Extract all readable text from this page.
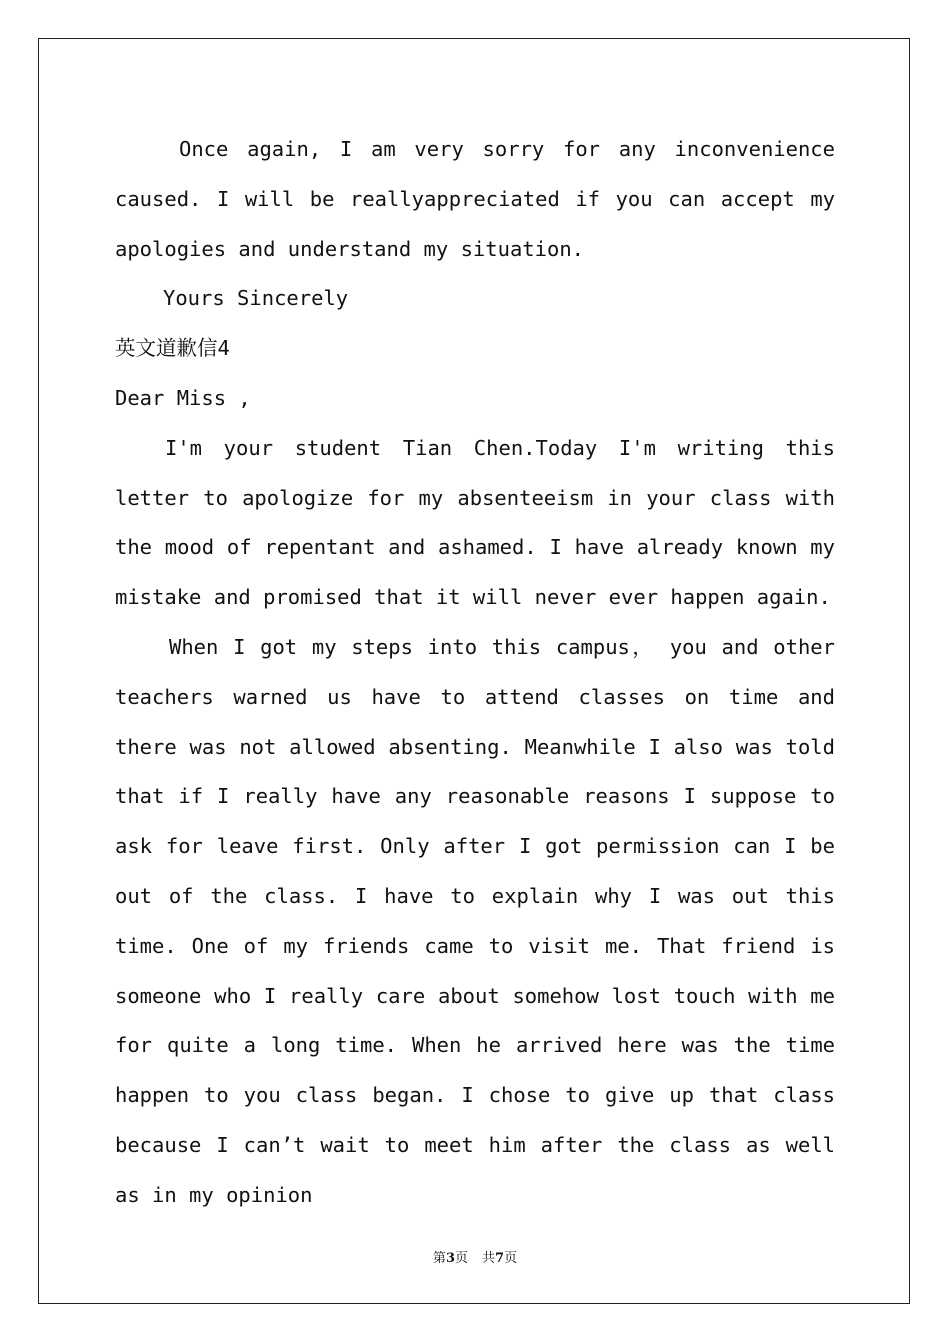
Once again, I am very sorry for any inconvenience caused. I will be reallyappreciated if you can accept my apologies and understand my situation.

Yours Sincerely

英文道歉信4

Dear Miss ,

I'm your student Tian Chen.Today I'm writing this letter to apologize for my absenteeism in your class with the mood of repentant and ashamed. I have already known my mistake and promised that it will never ever happen again.

When I got my steps into this campus， you and other teachers warned us have to attend classes on time and there was not allowed absenting. Meanwhile I also was told that if I really have any reasonable reasons I suppose to ask for leave first. Only after I got permission can I be out of the class. I have to explain why I was out this time. One of my friends came to visit me. That friend is someone who I really care about somehow lost touch with me for quite a long time. When he arrived here was the time happen to you class began. I chose to give up that class because I can’t wait to meet him after the class as well as in my opinion

第3页 共7页
